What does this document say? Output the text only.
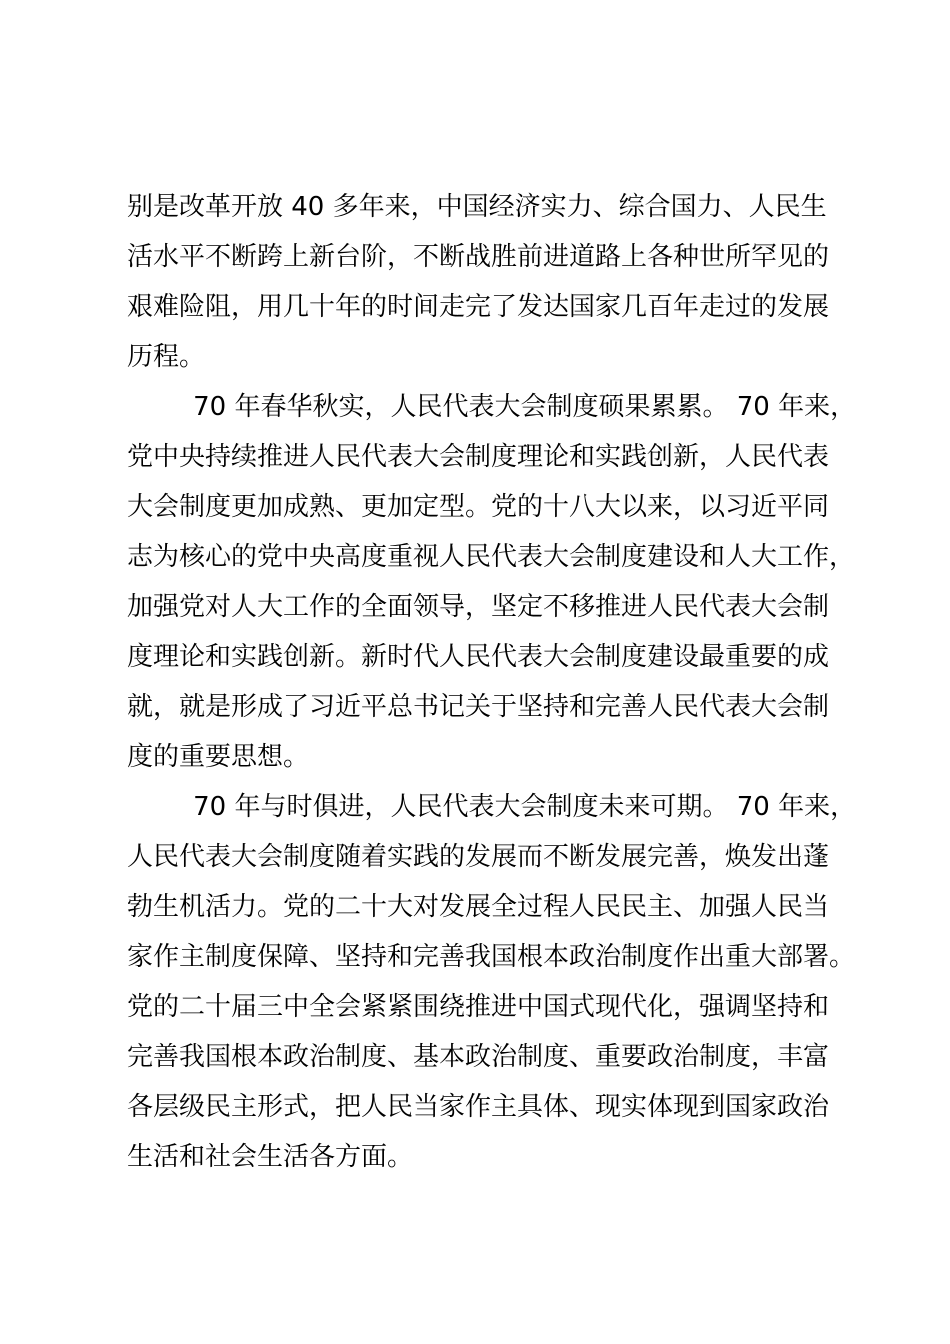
别是改革开放 40 多年来，中国经济实力、综合国力、人民生
活水平不断跨上新台阶，不断战胜前进道路上各种世所罕见的
艰难险阻，用几十年的时间走完了发达国家几百年走过的发展
历程。
70 年春华秋实，人民代表大会制度硕果累累。 70 年来，
党中央持续推进人民代表大会制度理论和实践创新，人民代表
大会制度更加成熟、更加定型。党的十八大以来，以习近平同
志为核心的党中央高度重视人民代表大会制度建设和人大工作，
加强党对人大工作的全面领导，坚定不移推进人民代表大会制
度理论和实践创新。新时代人民代表大会制度建设最重要的成
就，就是形成了习近平总书记关于坚持和完善人民代表大会制
度的重要思想。
70 年与时俱进，人民代表大会制度未来可期。 70 年来，
人民代表大会制度随着实践的发展而不断发展完善，焕发出蓬
勃生机活力。党的二十大对发展全过程人民民主、加强人民当
家作主制度保障、坚持和完善我国根本政治制度作出重大部署。
党的二十届三中全会紧紧围绕推进中国式现代化，强调坚持和
完善我国根本政治制度、基本政治制度、重要政治制度，丰富
各层级民主形式，把人民当家作主具体、现实体现到国家政治
生活和社会生活各方面。
